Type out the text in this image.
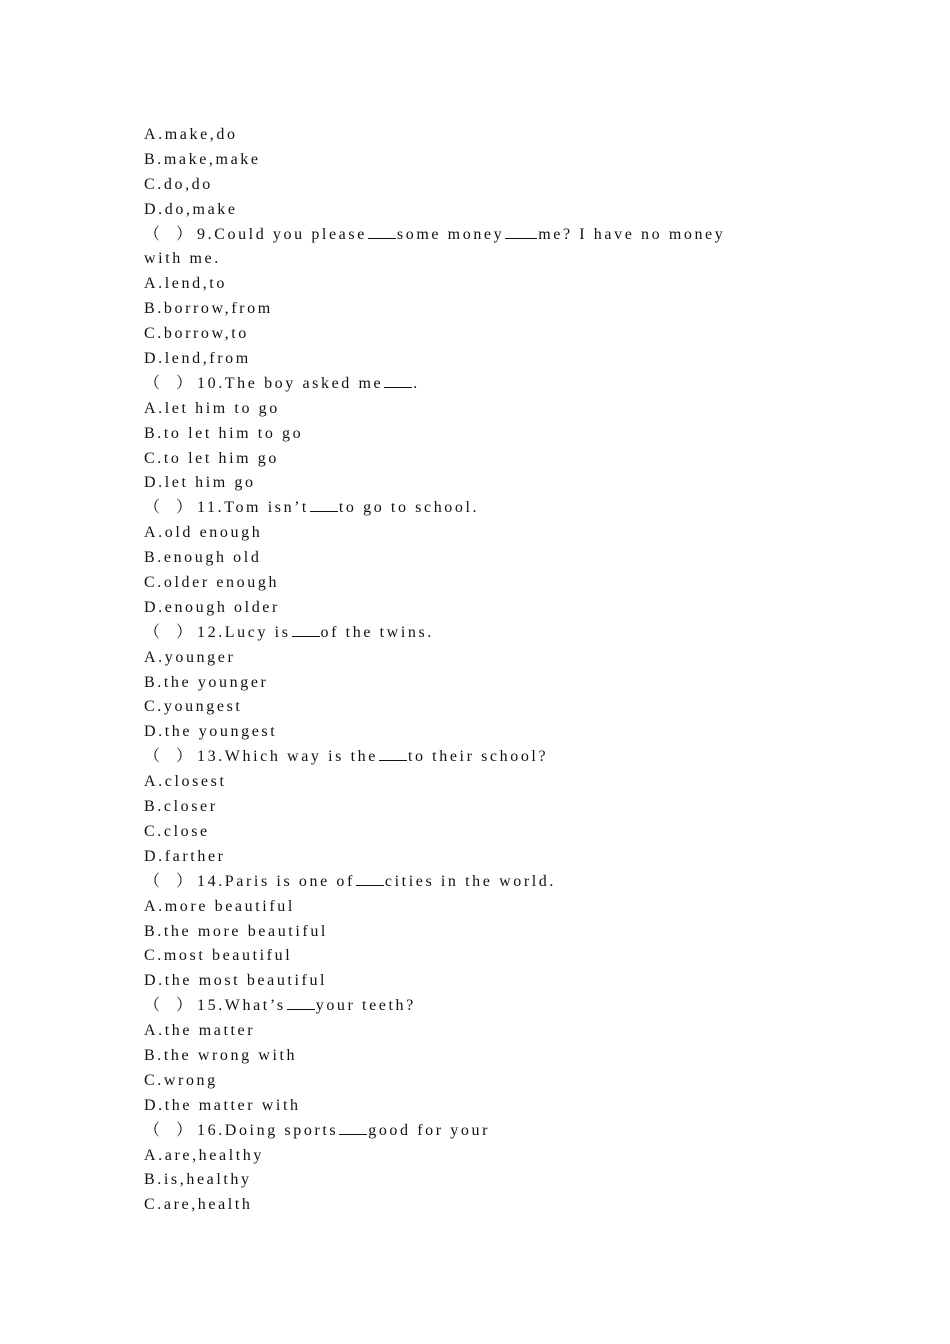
A.make,do
B.make,make
C.do,do
D.do,make
（　） 9.Could you please some money me? I have no money
with me.
A.lend,to
B.borrow,from
C.borrow,to
D.lend,from
（　） 10.The boy asked me .
A.let him to go
B.to let him to go
C.to let him go
D.let him go
（　） 11.Tom isn’t to go to school.
A.old enough
B.enough old
C.older enough
D.enough older
（　） 12.Lucy is of the twins.
A.younger
B.the younger
C.youngest
D.the youngest
（　） 13.Which way is the to their school?
A.closest
B.closer
C.close
D.farther
（　） 14.Paris is one of cities in the world.
A.more beautiful
B.the more beautiful
C.most beautiful
D.the most beautiful
（　） 15.What’s your teeth?
A.the matter
B.the wrong with
C.wrong
D.the matter with
（　） 16.Doing sports good for your
A.are,healthy
B.is,healthy
C.are,health
